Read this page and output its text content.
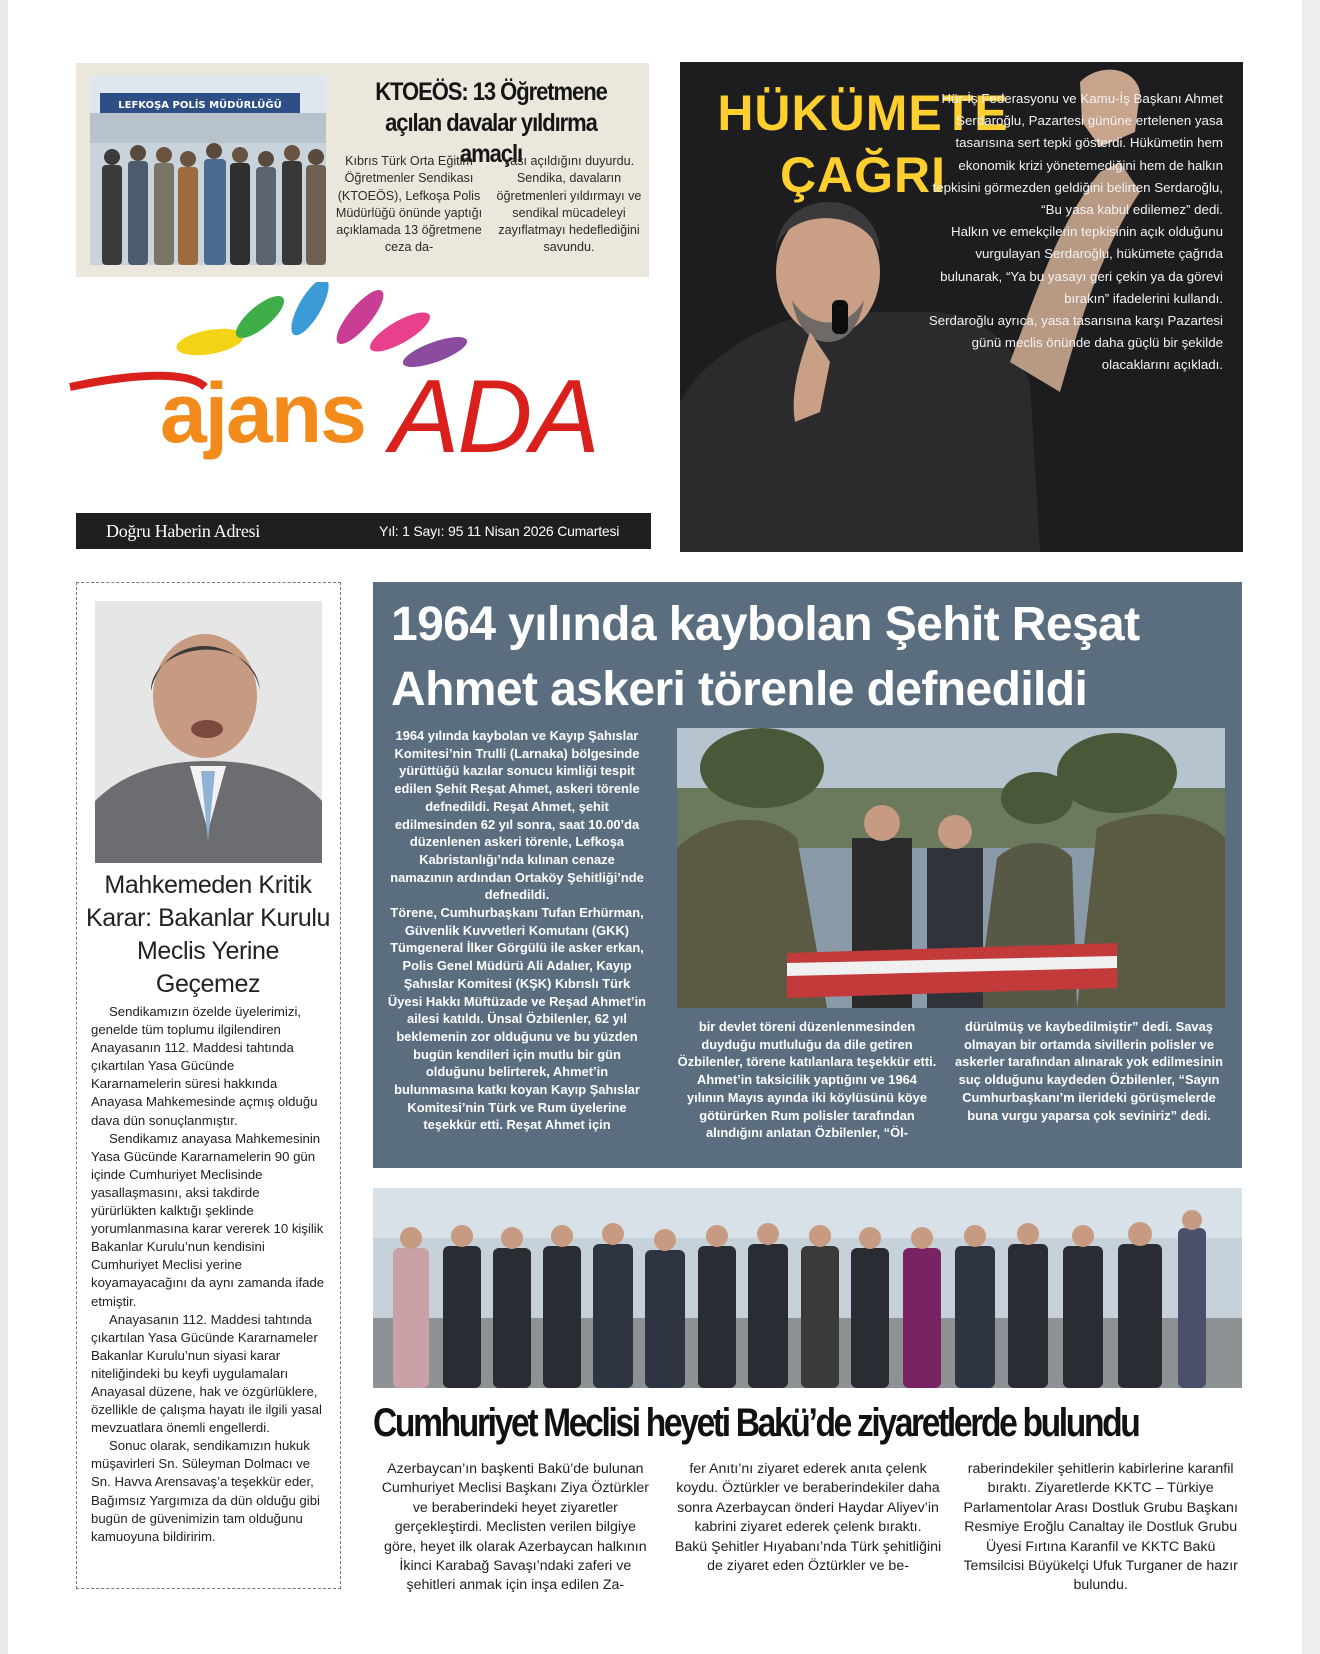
LEFKOŞA POLİS MÜDÜRLÜĞÜ	KTOEÖS: 13 Öğretmene açılan davalar yıldırma amaçlı

Kıbrıs Türk Orta Eğitim Öğretmenler Sendikası (KTOEÖS), Lefkoşa Polis Müdürlüğü önünde yaptığı açıklamada 13 öğretmene ceza da-

vası açıldığını duyurdu. Sendika, davaların öğretmenleri yıldırmayı ve sendikal mücadeleyi zayıflatmayı hedeflediğini savundu.

ajans ADA
Doğru Haberin Adresi	Yıl: 1 Sayı: 95 11 Nisan 2026 Cumartesi
HÜKÜMETE
ÇAĞRI

Hür-İş Federasyonu ve Kamu-İş Başkanı Ahmet Serdaroğlu, Pazartesi gününe ertelenen yasa tasarısına sert tepki gösterdi. Hükümetin hem ekonomik krizi yönetemediğini hem de halkın tepkisini görmezden geldiğini belirten Serdaroğlu, “Bu yasa kabul edilemez” dedi.

Halkın ve emekçilerin tepkisinin açık olduğunu vurgulayan Serdaroğlu, hükümete çağrıda bulunarak, “Ya bu yasayı geri çekin ya da görevi bırakın” ifadelerini kullandı.

Serdaroğlu ayrıca, yasa tasarısına karşı Pazartesi günü meclis önünde daha güçlü bir şekilde olacaklarını açıkladı.

Mahkemeden Kritik Karar: Bakanlar Kurulu Meclis Yerine Geçemez

Sendikamızın özelde üyelerimizi, genelde tüm toplumu ilgilendiren Anayasanın 112. Maddesi tahtında çıkartılan Yasa Gücünde Kararnamelerin süresi hakkında Anayasa Mahkemesinde açmış olduğu dava dün sonuçlanmıştır.

Sendikamız anayasa Mahkemesinin Yasa Gücünde Kararnamelerin 90 gün içinde Cumhuriyet Meclisinde yasallaşmasını, aksi takdirde yürürlükten kalktığı şeklinde yorumlanmasına karar vererek 10 kişilik Bakanlar Kurulu’nun kendisini Cumhuriyet Meclisi yerine koyamayacağını da aynı zamanda ifade etmiştir.

Anayasanın 112. Maddesi tahtında çıkartılan Yasa Gücünde Kararnameler Bakanlar Kurulu’nun siyasi karar niteliğindeki bu keyfi uygulamaları Anayasal düzene, hak ve özgürlüklere, özellikle de çalışma hayatı ile ilgili yasal mevzuatlara önemli engellerdi.

Sonuc olarak, sendikamızın hukuk müşavirleri Sn. Süleyman Dolmacı ve Sn. Havva Arensavaş’a teşekkür eder, Bağımsız Yargımıza da dün olduğu gibi bugün de güvenimizin tam olduğunu kamuoyuna bildiririm.

1964 yılında kaybolan Şehit Reşat Ahmet askeri törenle defnedildi

1964 yılında kaybolan ve Kayıp Şahıslar Komitesi’nin Trulli (Larnaka) bölgesinde yürüttüğü kazılar sonucu kimliği tespit edilen Şehit Reşat Ahmet, askeri törenle defnedildi. Reşat Ahmet, şehit edilmesinden 62 yıl sonra, saat 10.00’da düzenlenen askeri törenle, Lefkoşa Kabristanlığı’nda kılınan cenaze namazının ardından Ortaköy Şehitliği’nde defnedildi.

Törene, Cumhurbaşkanı Tufan Erhürman, Güvenlik Kuvvetleri Komutanı (GKK) Tümgeneral İlker Görgülü ile asker erkan, Polis Genel Müdürü Ali Adalıer, Kayıp Şahıslar Komitesi (KŞK) Kıbrıslı Türk Üyesi Hakkı Müftüzade ve Reşad Ahmet’in ailesi katıldı. Ünsal Özbilenler, 62 yıl beklemenin zor olduğunu ve bu yüzden bugün kendileri için mutlu bir gün olduğunu belirterek, Ahmet’in bulunmasına katkı koyan Kayıp Şahıslar Komitesi’nin Türk ve Rum üyelerine teşekkür etti. Reşat Ahmet için

bir devlet töreni düzenlenmesinden duyduğu mutluluğu da dile getiren Özbilenler, törene katılanlara teşekkür etti. Ahmet’in taksicilik yaptığını ve 1964 yılının Mayıs ayında iki köylüsünü köye götürürken Rum polisler tarafından alındığını anlatan Özbilenler, “Öl-

dürülmüş ve kaybedilmiştir” dedi. Savaş olmayan bir ortamda sivillerin polisler ve askerler tarafından alınarak yok edilmesinin suç olduğunu kaydeden Özbilenler, “Sayın Cumhurbaşkanı’m ilerideki görüşmelerde buna vurgu yaparsa çok seviniriz” dedi.

Cumhuriyet Meclisi heyeti Bakü’de ziyaretlerde bulundu

Azerbaycan’ın başkenti Bakü’de bulunan Cumhuriyet Meclisi Başkanı Ziya Öztürkler ve beraberindeki heyet ziyaretler gerçekleştirdi. Meclisten verilen bilgiye göre, heyet ilk olarak Azerbaycan halkının İkinci Karabağ Savaşı’ndaki zaferi ve şehitleri anmak için inşa edilen Za-

fer Anıtı’nı ziyaret ederek anıta çelenk koydu. Öztürkler ve beraberindekiler daha sonra Azerbaycan önderi Haydar Aliyev’in kabrini ziyaret ederek çelenk bıraktı.

Bakü Şehitler Hıyabanı’nda Türk şehitliğini de ziyaret eden Öztürkler ve be-

raberindekiler şehitlerin kabirlerine karanfil bıraktı. Ziyaretlerde KKTC – Türkiye Parlamentolar Arası Dostluk Grubu Başkanı Resmiye Eroğlu Canaltay ile Dostluk Grubu Üyesi Fırtına Karanfil ve KKTC Bakü Temsilcisi Büyükelçi Ufuk Turganer de hazır bulundu.
